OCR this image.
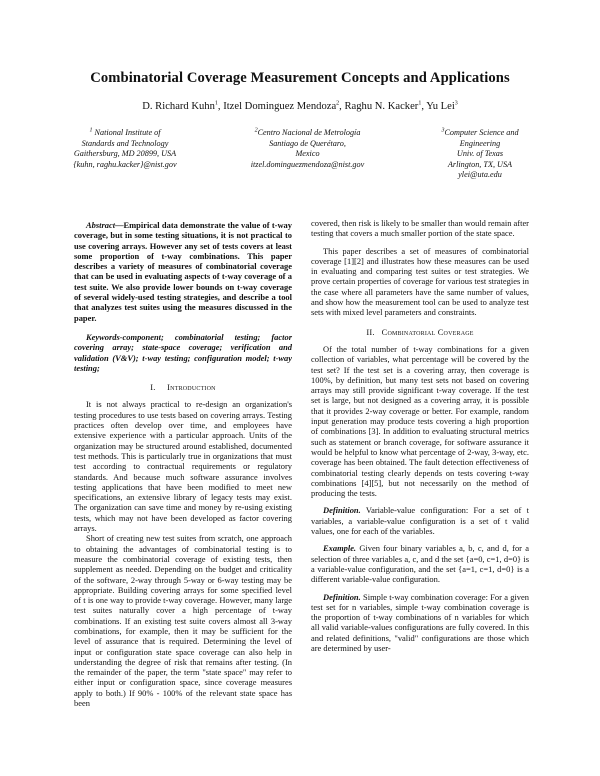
Combinatorial Coverage Measurement Concepts and Applications
D. Richard Kuhn$^1$, Itzel Dominguez Mendoza$^2$, Raghu N. Kacker$^1$, Yu Lei$^3$
$^1$ National Institute of
Standards and Technology
Gaithersburg, MD 20899, USA
{kuhn, raghu.kacker}@nist.gov
$^2$Centro Nacional de Metrología
Santiago de Querétaro,
Mexico
itzel.dominguezmendoza@nist.gov
$^3$Computer Science and
Engineering
Univ. of Texas
Arlington, TX, USA
ylei@uta.edu

Abstract—Empirical data demonstrate the value of t-way coverage, but in some testing situations, it is not practical to use covering arrays. However any set of tests covers at least some proportion of t-way combinations. This paper describes a variety of measures of combinatorial coverage that can be used in evaluating aspects of t-way coverage of a test suite. We also provide lower bounds on t-way coverage of several widely-used testing strategies, and describe a tool that analyzes test suites using the measures discussed in the paper.

Keywords-component; combinatorial testing; factor covering array; state-space coverage; verification and validation (V&V); t-way testing; configuration model; t-way testing;

I. Introduction

It is not always practical to re-design an organization's testing procedures to use tests based on covering arrays. Testing practices often develop over time, and employees have extensive experience with a particular approach. Units of the organization may be structured around established, documented test methods. This is particularly true in organizations that must test according to contractual requirements or regulatory standards. And because much software assurance involves testing applications that have been modified to meet new specifications, an extensive library of legacy tests may exist. The organization can save time and money by re-using existing tests, which may not have been developed as factor covering arrays.

Short of creating new test suites from scratch, one approach to obtaining the advantages of combinatorial testing is to measure the combinatorial coverage of existing tests, then supplement as needed. Depending on the budget and criticality of the software, 2-way through 5-way or 6-way testing may be appropriate. Building covering arrays for some specified level of t is one way to provide t-way coverage. However, many large test suites naturally cover a high percentage of t-way combinations. If an existing test suite covers almost all 3-way combinations, for example, then it may be sufficient for the level of assurance that is required. Determining the level of input or configuration state space coverage can also help in understanding the degree of risk that remains after testing. (In the remainder of the paper, the term "state space" may refer to either input or configuration space, since coverage measures apply to both.) If 90% - 100% of the relevant state space has been

covered, then risk is likely to be smaller than would remain after testing that covers a much smaller portion of the state space.

This paper describes a set of measures of combinatorial coverage [1][2] and illustrates how these measures can be used in evaluating and comparing test suites or test strategies. We prove certain properties of coverage for various test strategies in the case where all parameters have the same number of values, and show how the measurement tool can be used to analyze test sets with mixed level parameters and constraints.

II. Combinatorial Coverage

Of the total number of t-way combinations for a given collection of variables, what percentage will be covered by the test set? If the test set is a covering array, then coverage is 100%, by definition, but many test sets not based on covering arrays may still provide significant t-way coverage. If the test set is large, but not designed as a covering array, it is possible that it provides 2-way coverage or better. For example, random input generation may produce tests covering a high proportion of combinations [3]. In addition to evaluating structural metrics such as statement or branch coverage, for software assurance it would be helpful to know what percentage of 2-way, 3-way, etc. coverage has been obtained. The fault detection effectiveness of combinatorial testing clearly depends on tests covering t-way combinations [4][5], but not necessarily on the method of producing the tests.

Definition. Variable-value configuration: For a set of t variables, a variable-value configuration is a set of t valid values, one for each of the variables.

Example. Given four binary variables a, b, c, and d, for a selection of three variables a, c, and d the set {a=0, c=1, d=0} is a variable-value configuration, and the set {a=1, c=1, d=0} is a different variable-value configuration.

Definition. Simple t-way combination coverage: For a given test set for n variables, simple t-way combination coverage is the proportion of t-way combinations of n variables for which all valid variable-values configurations are fully covered. In this and related definitions, "valid" configurations are those which are determined by user-
